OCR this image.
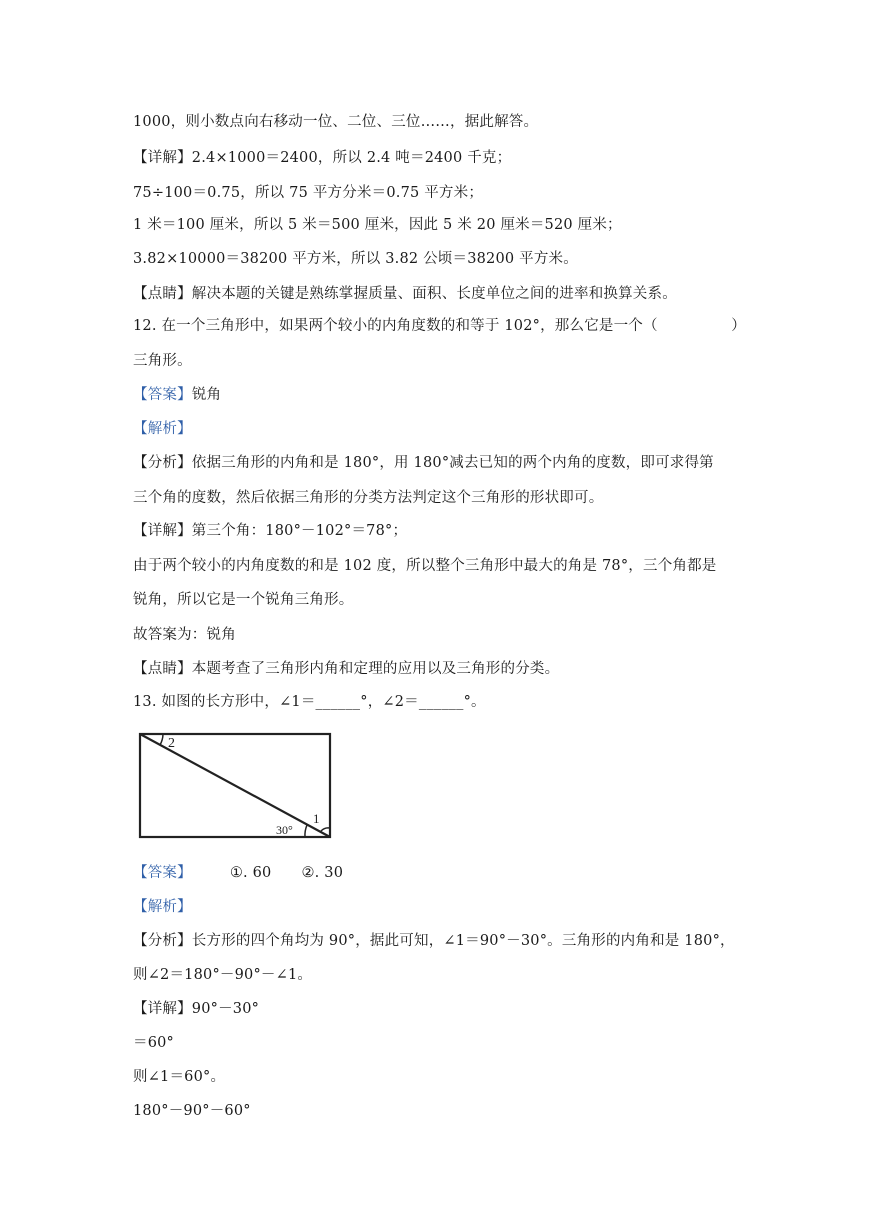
1000，则小数点向右移动一位、二位、三位……，据此解答。
【详解】2.4×1000＝2400，所以 2.4 吨＝2400 千克；
75÷100＝0.75，所以 75 平方分米＝0.75 平方米；
1 米＝100 厘米，所以 5 米＝500 厘米，因此 5 米 20 厘米＝520 厘米；
3.82×10000＝38200 平方米，所以 3.82 公顷＝38200 平方米。
【点睛】解决本题的关键是熟练掌握质量、面积、长度单位之间的进率和换算关系。
12. 在一个三角形中，如果两个较小的内角度数的和等于 102°，那么它是一个（　　　　　）
三角形。
【答案】锐角
【解析】
【分析】依据三角形的内角和是 180°，用 180°减去已知的两个内角的度数，即可求得第
三个角的度数，然后依据三角形的分类方法判定这个三角形的形状即可。
【详解】第三个角：180°－102°＝78°；
由于两个较小的内角度数的和是 102 度，所以整个三角形中最大的角是 78°，三个角都是
锐角，所以它是一个锐角三角形。
故答案为：锐角
【点睛】本题考查了三角形内角和定理的应用以及三角形的分类。
13. 如图的长方形中，∠1＝______°，∠2＝______°。
2
1
30°
【答案】	①. 60 ②. 30
【解析】
【分析】长方形的四个角均为 90°，据此可知，∠1＝90°－30°。三角形的内角和是 180°，
则∠2＝180°－90°－∠1。
【详解】90°－30°
＝60°
则∠1＝60°。
180°－90°－60°
